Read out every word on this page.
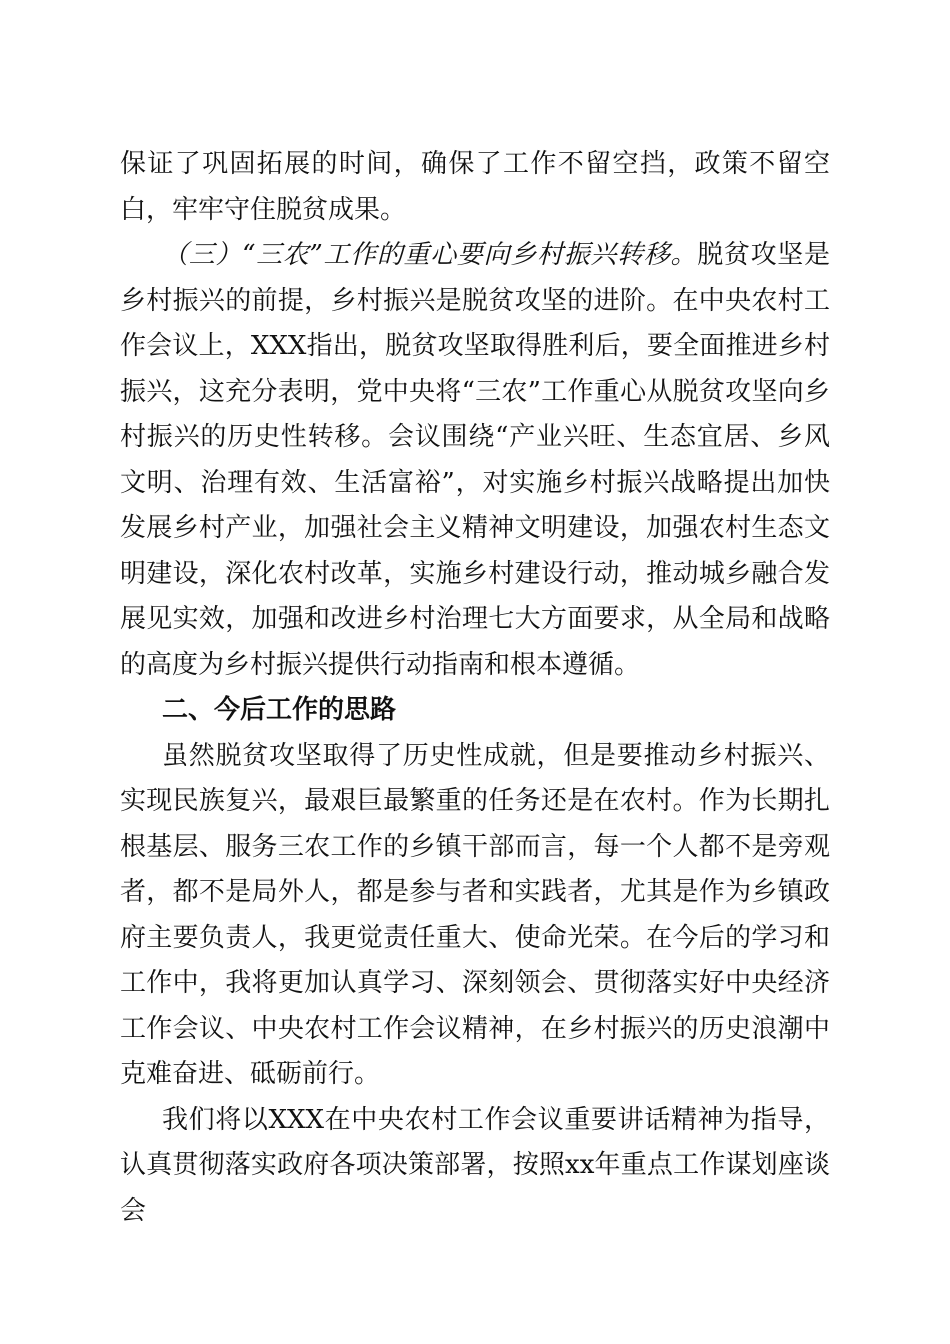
保证了巩固拓展的时间，确保了工作不留空挡，政策不留空白，牢牢守住脱贫成果。

（三）“三农”工作的重心要向乡村振兴转移。脱贫攻坚是乡村振兴的前提，乡村振兴是脱贫攻坚的进阶。在中央农村工作会议上，XXX指出，脱贫攻坚取得胜利后，要全面推进乡村振兴，这充分表明，党中央将“三农”工作重心从脱贫攻坚向乡村振兴的历史性转移。会议围绕“产业兴旺、生态宜居、乡风文明、治理有效、生活富裕”，对实施乡村振兴战略提出加快发展乡村产业，加强社会主义精神文明建设，加强农村生态文明建设，深化农村改革，实施乡村建设行动，推动城乡融合发展见实效，加强和改进乡村治理七大方面要求，从全局和战略的高度为乡村振兴提供行动指南和根本遵循。

二、今后工作的思路

虽然脱贫攻坚取得了历史性成就，但是要推动乡村振兴、实现民族复兴，最艰巨最繁重的任务还是在农村。作为长期扎根基层、服务三农工作的乡镇干部而言，每一个人都不是旁观者，都不是局外人，都是参与者和实践者，尤其是作为乡镇政府主要负责人，我更觉责任重大、使命光荣。在今后的学习和工作中，我将更加认真学习、深刻领会、贯彻落实好中央经济工作会议、中央农村工作会议精神，在乡村振兴的历史浪潮中克难奋进、砥砺前行。

我们将以XXX在中央农村工作会议重要讲话精神为指导，认真贯彻落实政府各项决策部署，按照xx年重点工作谋划座谈会
